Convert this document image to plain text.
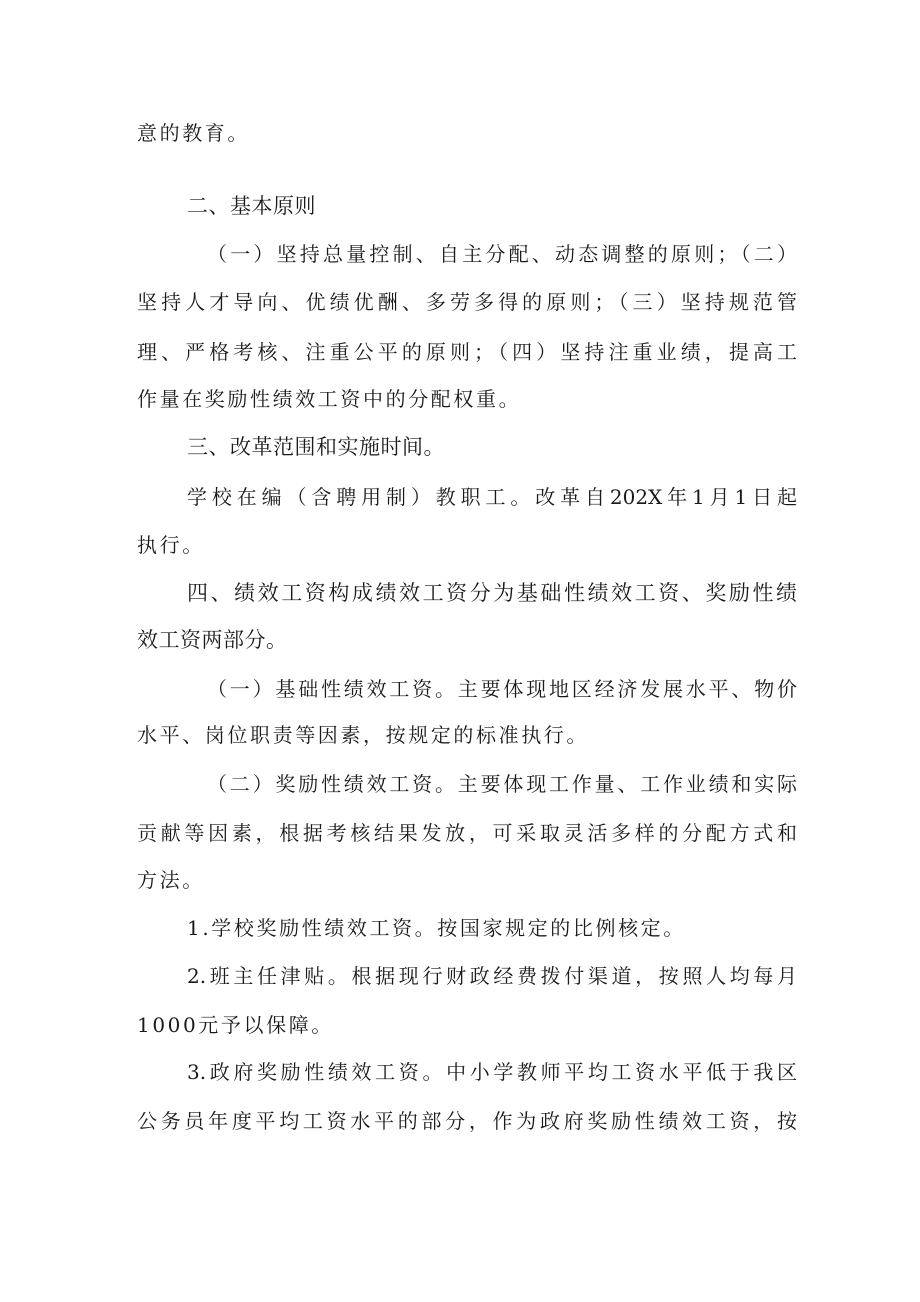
意的教育。
二、基本原则
（一）坚持总量控制、自主分配、动态调整的原则；（二）
坚持人才导向、优绩优酬、多劳多得的原则；（三）坚持规范管
理、严格考核、注重公平的原则；（四）坚持注重业绩，提高工
作量在奖励性绩效工资中的分配权重。
三、改革范围和实施时间。
学校在编（含聘用制）教职工。改革自202X年1月1日起
执行。
四、绩效工资构成绩效工资分为基础性绩效工资、奖励性绩
效工资两部分。
（一）基础性绩效工资。主要体现地区经济发展水平、物价
水平、岗位职责等因素，按规定的标准执行。
（二）奖励性绩效工资。主要体现工作量、工作业绩和实际
贡献等因素，根据考核结果发放，可采取灵活多样的分配方式和
方法。
1.学校奖励性绩效工资。按国家规定的比例核定。
2.班主任津贴。根据现行财政经费拨付渠道，按照人均每月
1000元予以保障。
3.政府奖励性绩效工资。中小学教师平均工资水平低于我区
公务员年度平均工资水平的部分，作为政府奖励性绩效工资，按
